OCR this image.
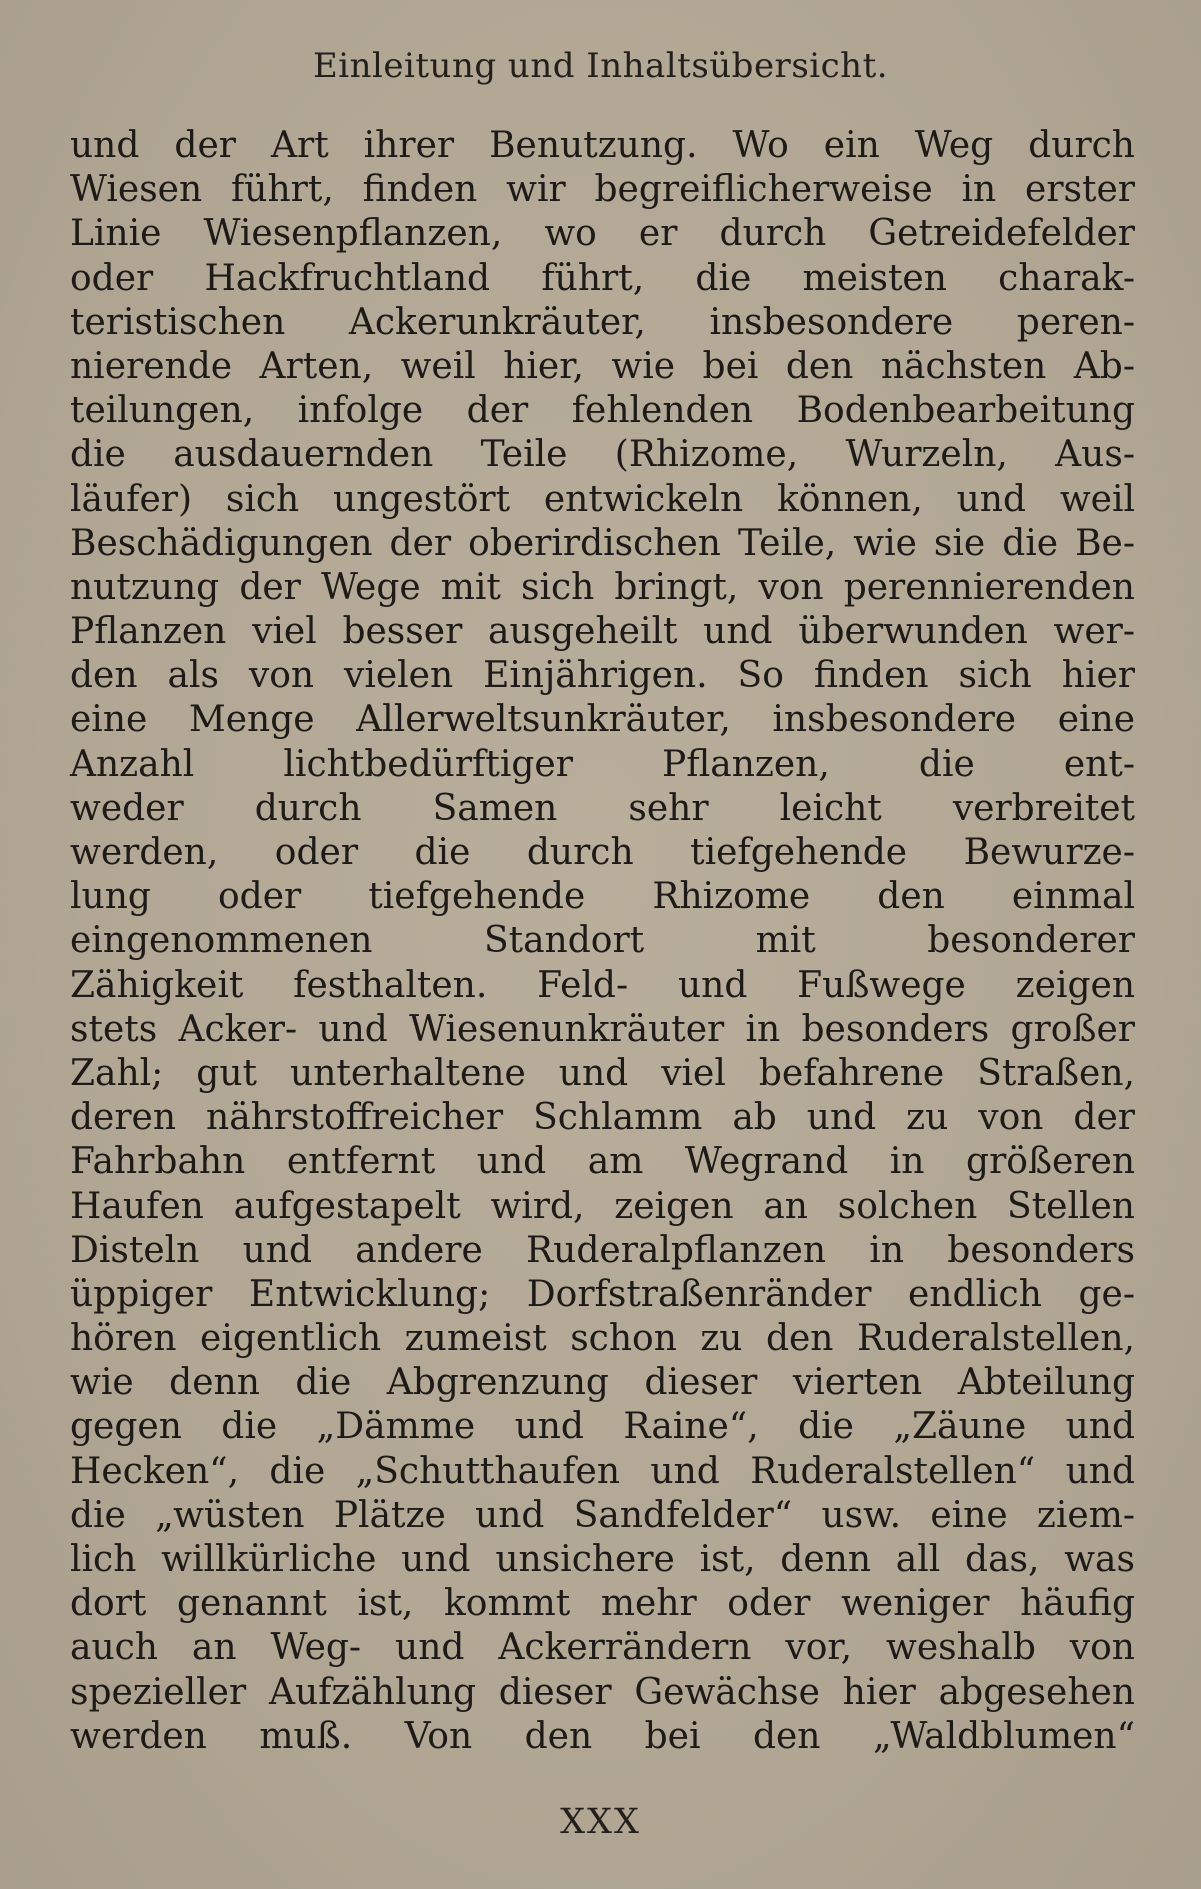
Einleitung und Inhaltsübersicht.
und der Art ihrer Benutzung. Wo ein Weg durch
Wiesen führt, finden wir begreiflicherweise in erster
Linie Wiesenpflanzen, wo er durch Getreidefelder
oder Hackfruchtland führt, die meisten charak-
teristischen Ackerunkräuter, insbesondere peren-
nierende Arten, weil hier, wie bei den nächsten Ab-
teilungen, infolge der fehlenden Bodenbearbeitung
die ausdauernden Teile (Rhizome, Wurzeln, Aus-
läufer) sich ungestört entwickeln können, und weil
Beschädigungen der oberirdischen Teile, wie sie die Be-
nutzung der Wege mit sich bringt, von perennierenden
Pflanzen viel besser ausgeheilt und überwunden wer-
den als von vielen Einjährigen. So finden sich hier
eine Menge Allerweltsunkräuter, insbesondere eine
Anzahl lichtbedürftiger Pflanzen, die ent-
weder durch Samen sehr leicht verbreitet
werden, oder die durch tiefgehende Bewurze-
lung oder tiefgehende Rhizome den einmal
eingenommenen Standort mit besonderer
Zähigkeit festhalten. Feld- und Fußwege zeigen
stets Acker- und Wiesenunkräuter in besonders großer
Zahl; gut unterhaltene und viel befahrene Straßen,
deren nährstoffreicher Schlamm ab und zu von der
Fahrbahn entfernt und am Wegrand in größeren
Haufen aufgestapelt wird, zeigen an solchen Stellen
Disteln und andere Ruderalpflanzen in besonders
üppiger Entwicklung; Dorfstraßenränder endlich ge-
hören eigentlich zumeist schon zu den Ruderalstellen,
wie denn die Abgrenzung dieser vierten Abteilung
gegen die „Dämme und Raine“, die „Zäune und
Hecken“, die „Schutthaufen und Ruderalstellen“ und
die „wüsten Plätze und Sandfelder“ usw. eine ziem-
lich willkürliche und unsichere ist, denn all das, was
dort genannt ist, kommt mehr oder weniger häufig
auch an Weg- und Ackerrändern vor, weshalb von
spezieller Aufzählung dieser Gewächse hier abgesehen
werden muß. Von den bei den „Waldblumen“
XXX
